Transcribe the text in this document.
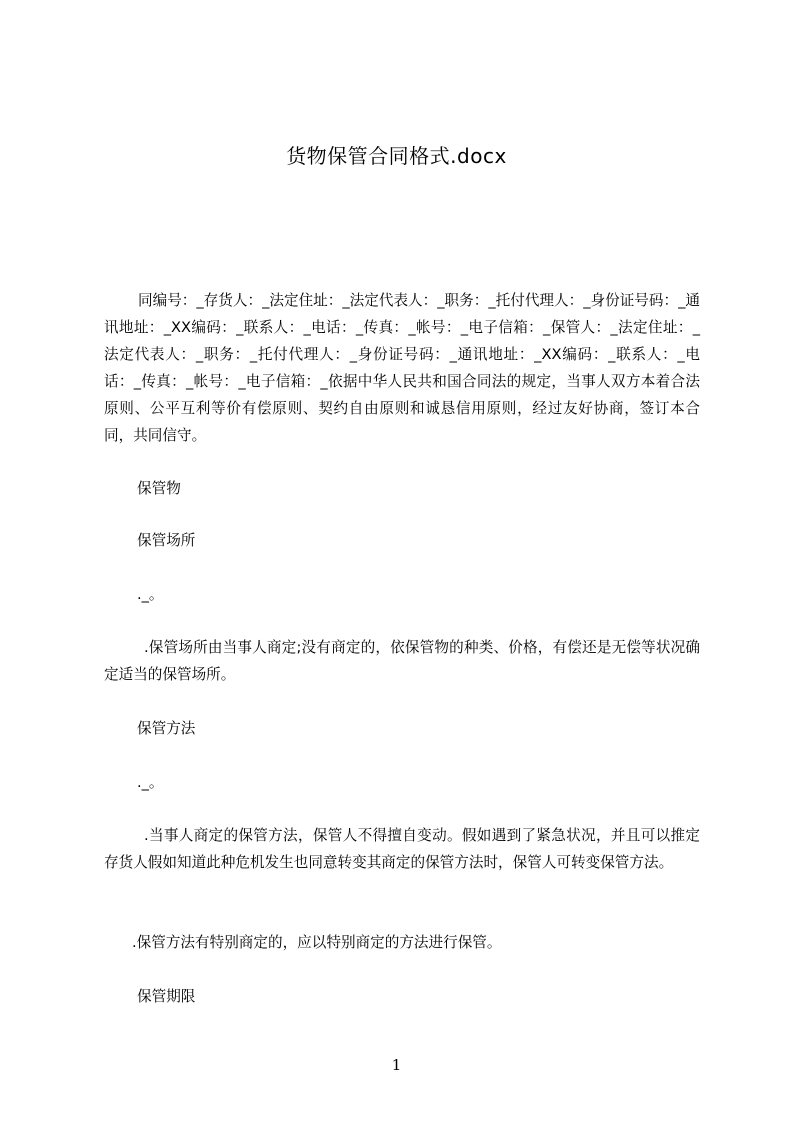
货物保管合同格式.docx
同编号：_存货人：_法定住址：_法定代表人：_职务：_托付代理人：_身份证号码：_通讯地址：_XX编码：_联系人：_电话：_传真：_帐号：_电子信箱：_保管人：_法定住址：_法定代表人：_职务：_托付代理人：_身份证号码：_通讯地址：_XX编码：_联系人：_电话：_传真：_帐号：_电子信箱：_依据中华人民共和国合同法的规定，当事人双方本着合法原则、公平互利等价有偿原则、契约自由原则和诚恳信用原则，经过友好协商，签订本合同，共同信守。
保管物
保管场所
._。
.保管场所由当事人商定;没有商定的，依保管物的种类、价格，有偿还是无偿等状况确定适当的保管场所。
保管方法
._。
.当事人商定的保管方法，保管人不得擅自变动。假如遇到了紧急状况，并且可以推定存货人假如知道此种危机发生也同意转变其商定的保管方法时，保管人可转变保管方法。
.保管方法有特别商定的，应以特别商定的方法进行保管。
保管期限
1
